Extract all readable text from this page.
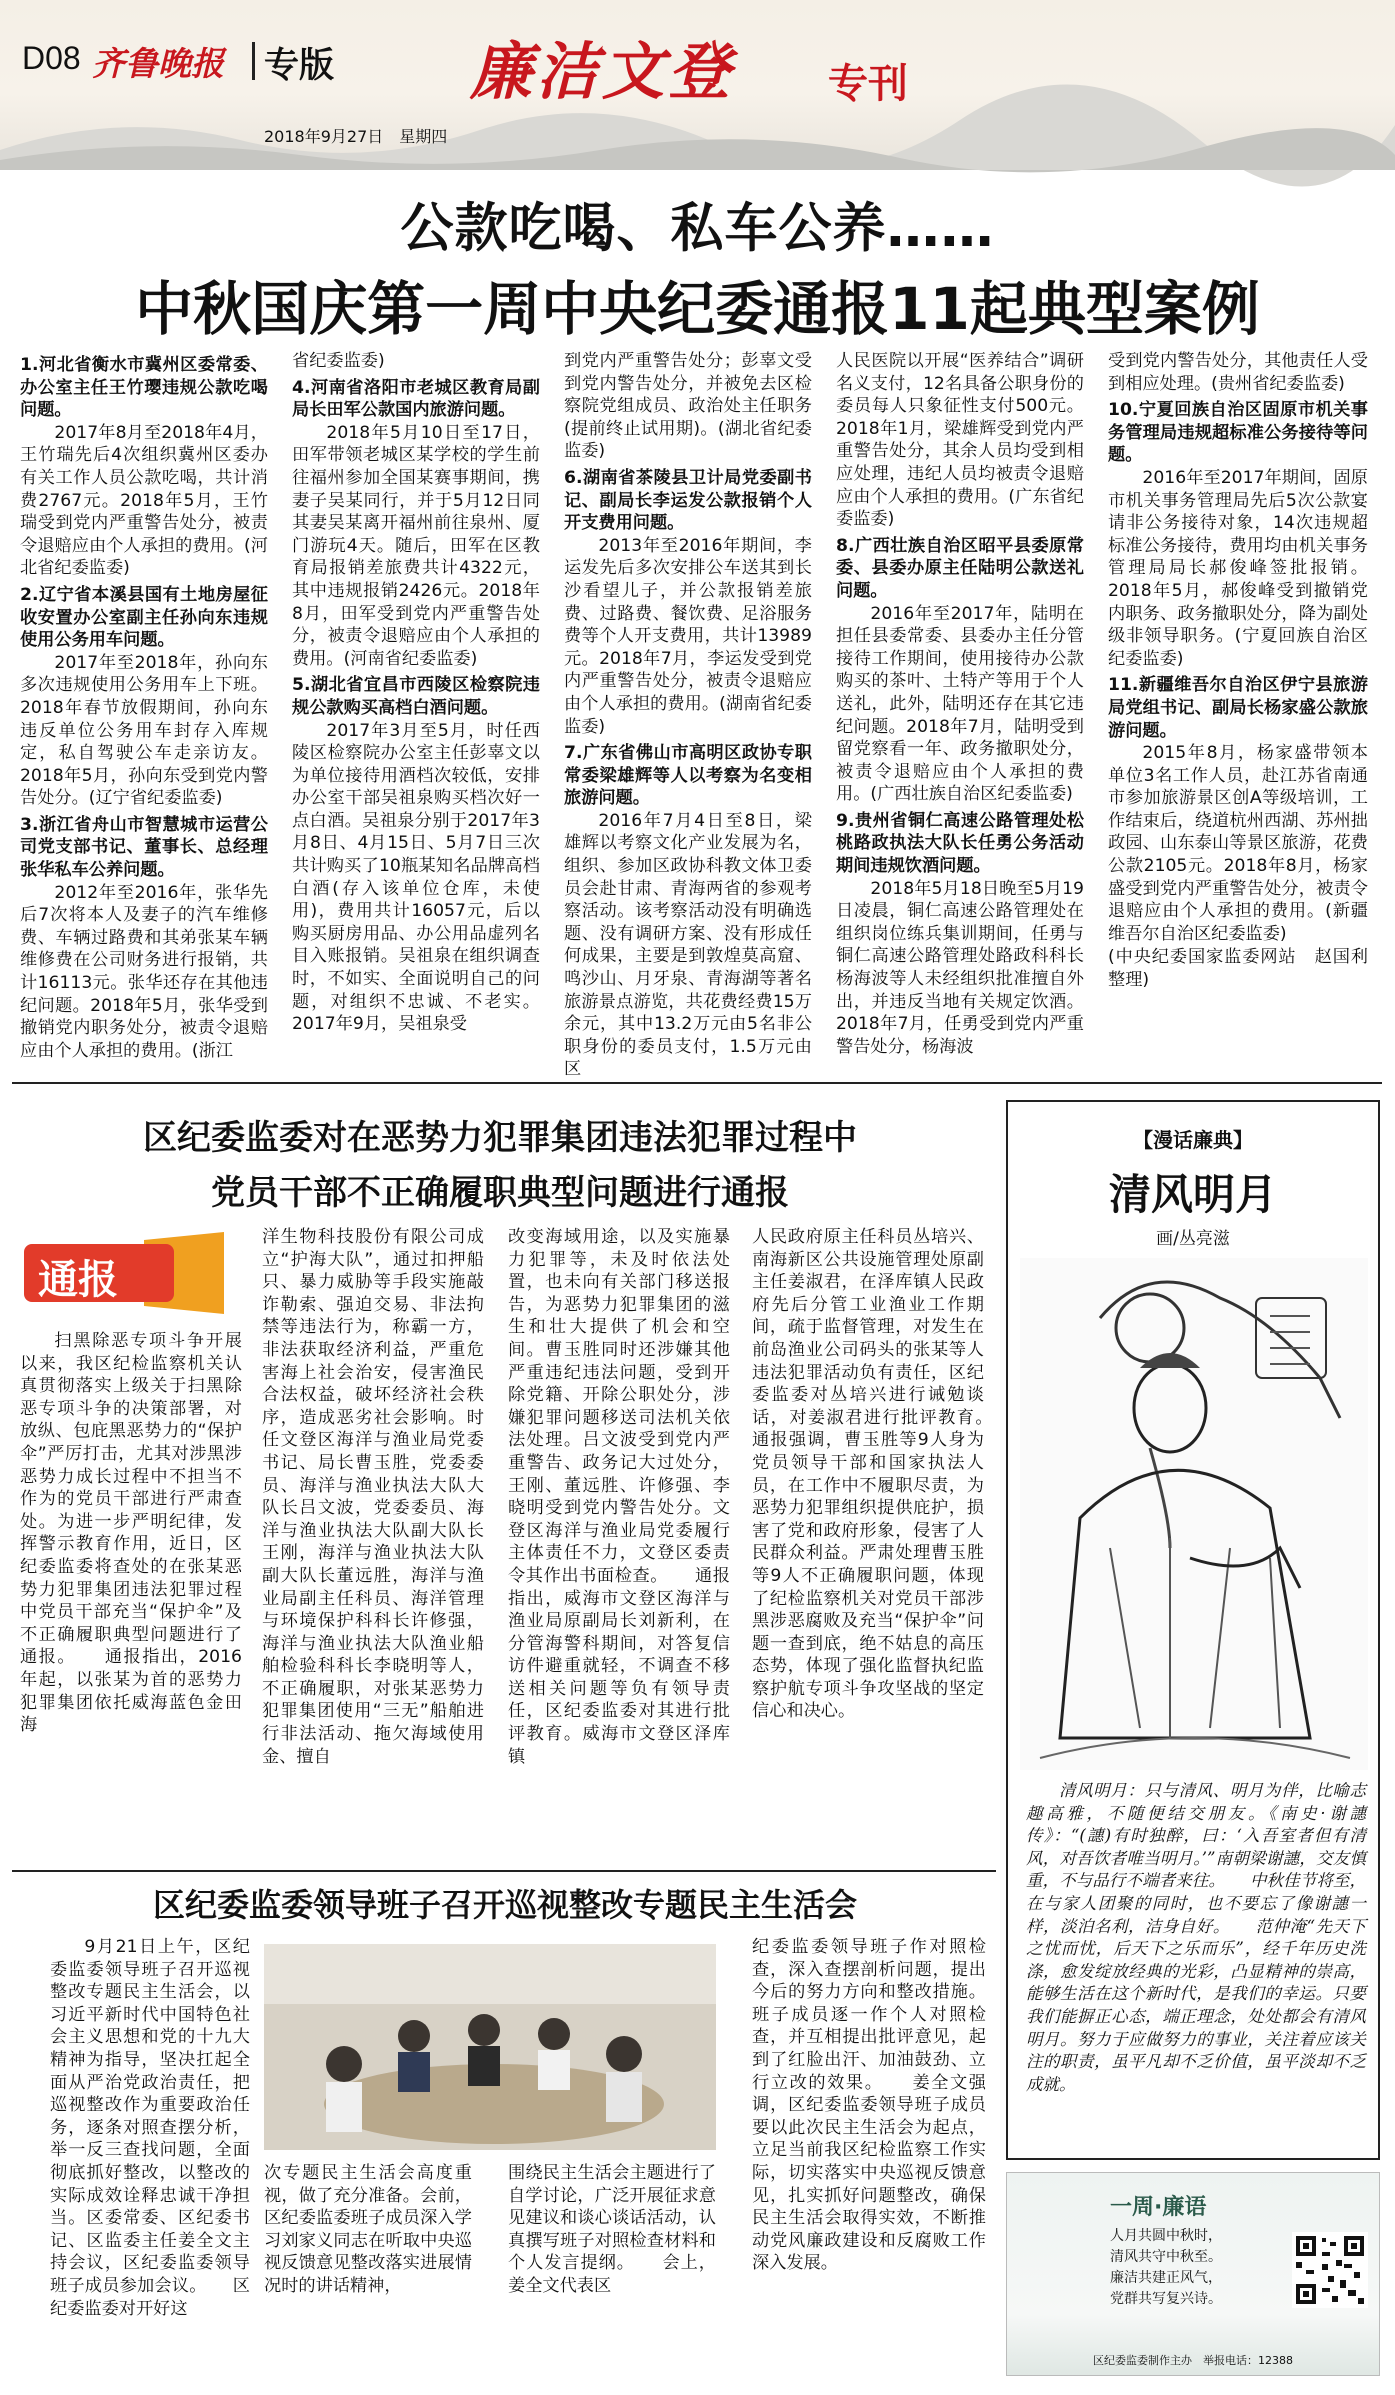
D08 齐鲁晚报 专版 廉洁文登 专刊
2018年9月27日　星期四
公款吃喝、私车公养……
中秋国庆第一周中央纪委通报11起典型案例
1.河北省衡水市冀州区委常委、办公室主任王竹璎违规公款吃喝问题。

2017年8月至2018年4月，王竹瑞先后4次组织冀州区委办有关工作人员公款吃喝，共计消费2767元。2018年5月，王竹瑞受到党内严重警告处分，被责令退赔应由个人承担的费用。(河北省纪委监委)

2.辽宁省本溪县国有土地房屋征收安置办公室副主任孙向东违规使用公务用车问题。

2017年至2018年，孙向东多次违规使用公务用车上下班。2018年春节放假期间，孙向东违反单位公务用车封存入库规定，私自驾驶公车走亲访友。2018年5月，孙向东受到党内警告处分。(辽宁省纪委监委)

3.浙江省舟山市智慧城市运营公司党支部书记、董事长、总经理张华私车公养问题。

2012年至2016年，张华先后7次将本人及妻子的汽车维修费、车辆过路费和其弟张某车辆维修费在公司财务进行报销，共计16113元。张华还存在其他违纪问题。2018年5月，张华受到撤销党内职务处分，被责令退赔应由个人承担的费用。(浙江

省纪委监委)

4.河南省洛阳市老城区教育局副局长田军公款国内旅游问题。

2018年5月10日至17日，田军带领老城区某学校的学生前往福州参加全国某赛事期间，携妻子吴某同行，并于5月12日同其妻吴某离开福州前往泉州、厦门游玩4天。随后，田军在区教育局报销差旅费共计4322元，其中违规报销2426元。2018年8月，田军受到党内严重警告处分，被责令退赔应由个人承担的费用。(河南省纪委监委)

5.湖北省宜昌市西陵区检察院违规公款购买高档白酒问题。

2017年3月至5月，时任西陵区检察院办公室主任彭辜文以为单位接待用酒档次较低，安排办公室干部吴祖泉购买档次好一点白酒。吴祖泉分别于2017年3月8日、4月15日、5月7日三次共计购买了10瓶某知名品牌高档白酒(存入该单位仓库，未使用)，费用共计16057元，后以购买厨房用品、办公用品虚列名目入账报销。吴祖泉在组织调查时，不如实、全面说明自己的问题，对组织不忠诚、不老实。2017年9月，吴祖泉受

到党内严重警告处分；彭辜文受到党内警告处分，并被免去区检察院党组成员、政治处主任职务(提前终止试用期)。(湖北省纪委监委)

6.湖南省茶陵县卫计局党委副书记、副局长李运发公款报销个人开支费用问题。

2013年至2016年期间，李运发先后多次安排公车送其到长沙看望儿子，并公款报销差旅费、过路费、餐饮费、足浴服务费等个人开支费用，共计13989元。2018年7月，李运发受到党内严重警告处分，被责令退赔应由个人承担的费用。(湖南省纪委监委)

7.广东省佛山市高明区政协专职常委梁雄辉等人以考察为名变相旅游问题。

2016年7月4日至8日，梁雄辉以考察文化产业发展为名，组织、参加区政协科教文体卫委员会赴甘肃、青海两省的参观考察活动。该考察活动没有明确选题、没有调研方案、没有形成任何成果，主要是到敦煌莫高窟、鸣沙山、月牙泉、青海湖等著名旅游景点游览，共花费经费15万余元，其中13.2万元由5名非公职身份的委员支付，1.5万元由区

人民医院以开展“医养结合”调研名义支付，12名具备公职身份的委员每人只象征性支付500元。2018年1月，梁雄辉受到党内严重警告处分，其余人员均受到相应处理，违纪人员均被责令退赔应由个人承担的费用。(广东省纪委监委)

8.广西壮族自治区昭平县委原常委、县委办原主任陆明公款送礼问题。

2016年至2017年，陆明在担任县委常委、县委办主任分管接待工作期间，使用接待办公款购买的茶叶、土特产等用于个人送礼，此外，陆明还存在其它违纪问题。2018年7月，陆明受到留党察看一年、政务撤职处分，被责令退赔应由个人承担的费用。(广西壮族自治区纪委监委)

9.贵州省铜仁高速公路管理处松桃路政执法大队长任勇公务活动期间违规饮酒问题。

2018年5月18日晚至5月19日凌晨，铜仁高速公路管理处在组织岗位练兵集训期间，任勇与铜仁高速公路管理处路政科科长杨海波等人未经组织批准擅自外出，并违反当地有关规定饮酒。2018年7月，任勇受到党内严重警告处分，杨海波

受到党内警告处分，其他责任人受到相应处理。(贵州省纪委监委)

10.宁夏回族自治区固原市机关事务管理局违规超标准公务接待等问题。

2016年至2017年期间，固原市机关事务管理局先后5次公款宴请非公务接待对象，14次违规超标准公务接待，费用均由机关事务管理局局长郝俊峰签批报销。2018年5月，郝俊峰受到撤销党内职务、政务撤职处分，降为副处级非领导职务。(宁夏回族自治区纪委监委)

11.新疆维吾尔自治区伊宁县旅游局党组书记、副局长杨家盛公款旅游问题。

2015年8月，杨家盛带领本单位3名工作人员，赴江苏省南通市参加旅游景区创A等级培训，工作结束后，绕道杭州西湖、苏州拙政园、山东泰山等景区旅游，花费公款2105元。2018年8月，杨家盛受到党内严重警告处分，被责令退赔应由个人承担的费用。(新疆维吾尔自治区纪委监委)

(中央纪委国家监委网站　赵国利　整理)

区纪委监委对在恶势力犯罪集团违法犯罪过程中
党员干部不正确履职典型问题进行通报
通报

扫黑除恶专项斗争开展以来，我区纪检监察机关认真贯彻落实上级关于扫黑除恶专项斗争的决策部署，对放纵、包庇黑恶势力的“保护伞”严厉打击，尤其对涉黑涉恶势力成长过程中不担当不作为的党员干部进行严肃查处。为进一步严明纪律，发挥警示教育作用，近日，区纪委监委将查处的在张某恶势力犯罪集团违法犯罪过程中党员干部充当“保护伞”及不正确履职典型问题进行了通报。　　通报指出，2016年起，以张某为首的恶势力犯罪集团依托威海蓝色金田海

洋生物科技股份有限公司成立“护海大队”，通过扣押船只、暴力威胁等手段实施敲诈勒索、强迫交易、非法拘禁等违法行为，称霸一方，非法获取经济利益，严重危害海上社会治安，侵害渔民合法权益，破坏经济社会秩序，造成恶劣社会影响。时任文登区海洋与渔业局党委书记、局长曹玉胜，党委委员、海洋与渔业执法大队大队长吕文波，党委委员、海洋与渔业执法大队副大队长王刚，海洋与渔业执法大队副大队长董远胜，海洋与渔业局副主任科员、海洋管理与环境保护科科长许修强，海洋与渔业执法大队渔业船舶检验科科长李晓明等人，不正确履职，对张某恶势力犯罪集团使用“三无”船舶进行非法活动、拖欠海域使用金、擅自

改变海域用途，以及实施暴力犯罪等，未及时依法处置，也未向有关部门移送报告，为恶势力犯罪集团的滋生和壮大提供了机会和空间。曹玉胜同时还涉嫌其他严重违纪违法问题，受到开除党籍、开除公职处分，涉嫌犯罪问题移送司法机关依法处理。吕文波受到党内严重警告、政务记大过处分，王刚、董远胜、许修强、李晓明受到党内警告处分。文登区海洋与渔业局党委履行主体责任不力，文登区委责令其作出书面检查。　　通报指出，威海市文登区海洋与渔业局原副局长刘新利，在分管海警科期间，对答复信访件避重就轻，不调查不移送相关问题等负有领导责任，区纪委监委对其进行批评教育。威海市文登区泽库镇

人民政府原主任科员丛培兴、南海新区公共设施管理处原副主任姜淑君，在泽库镇人民政府先后分管工业渔业工作期间，疏于监督管理，对发生在前岛渔业公司码头的张某等人违法犯罪活动负有责任，区纪委监委对丛培兴进行诫勉谈话，对姜淑君进行批评教育。　　通报强调，曹玉胜等9人身为党员领导干部和国家执法人员，在工作中不履职尽责，为恶势力犯罪组织提供庇护，损害了党和政府形象，侵害了人民群众利益。严肃处理曹玉胜等9人不正确履职问题，体现了纪检监察机关对党员干部涉黑涉恶腐败及充当“保护伞”问题一查到底，绝不姑息的高压态势，体现了强化监督执纪监察护航专项斗争攻坚战的坚定信心和决心。

【漫话廉典】
清风明月
画/丛亮滋

清风明月：只与清风、明月为伴，比喻志趣高雅，不随便结交朋友。《南史·谢譓传》：“(譓)有时独醉，曰：‘入吾室者但有清风，对吾饮者唯当明月。’”南朝梁谢譓，交友慎重，不与品行不端者来往。　　中秋佳节将至，在与家人团聚的同时，也不要忘了像谢譓一样，淡泊名利，洁身自好。　　范仲淹“先天下之忧而忧，后天下之乐而乐”，经千年历史洗涤，愈发绽放经典的光彩，凸显精神的崇高，能够生活在这个新时代，是我们的幸运。只要我们能摒正心态，端正理念，处处都会有清风明月。努力于应做努力的事业，关注着应该关注的职责，虽平凡却不乏价值，虽平淡却不乏成就。

区纪委监委领导班子召开巡视整改专题民主生活会

9月21日上午，区纪委监委领导班子召开巡视整改专题民主生活会，以习近平新时代中国特色社会主义思想和党的十九大精神为指导，坚决扛起全面从严治党政治责任，把巡视整改作为重要政治任务，逐条对照查摆分析，举一反三查找问题，全面彻底抓好整改，以整改的实际成效诠释忠诚干净担当。区委常委、区纪委书记、区监委主任姜全文主持会议，区纪委监委领导班子成员参加会议。　　区纪委监委对开好这

次专题民主生活会高度重视，做了充分准备。会前，区纪委监委班子成员深入学习刘家义同志在听取中央巡视反馈意见整改落实进展情况时的讲话精神，

围绕民主生活会主题进行了自学讨论，广泛开展征求意见建议和谈心谈话活动，认真撰写班子对照检查材料和个人发言提纲。　　会上，姜全文代表区

纪委监委领导班子作对照检查，深入查摆剖析问题，提出今后的努力方向和整改措施。班子成员逐一作个人对照检查，并互相提出批评意见，起到了红脸出汗、加油鼓劲、立行立改的效果。　　姜全文强调，区纪委监委领导班子成员要以此次民主生活会为起点，立足当前我区纪检监察工作实际，切实落实中央巡视反馈意见，扎实抓好问题整改，确保民主生活会取得实效，不断推动党风廉政建设和反腐败工作深入发展。

一周·廉语
人月共圆中秋时，
清风共守中秋至。
廉洁共建正风气，
党群共写复兴诗。
区纪委监委制作主办　举报电话：12388
